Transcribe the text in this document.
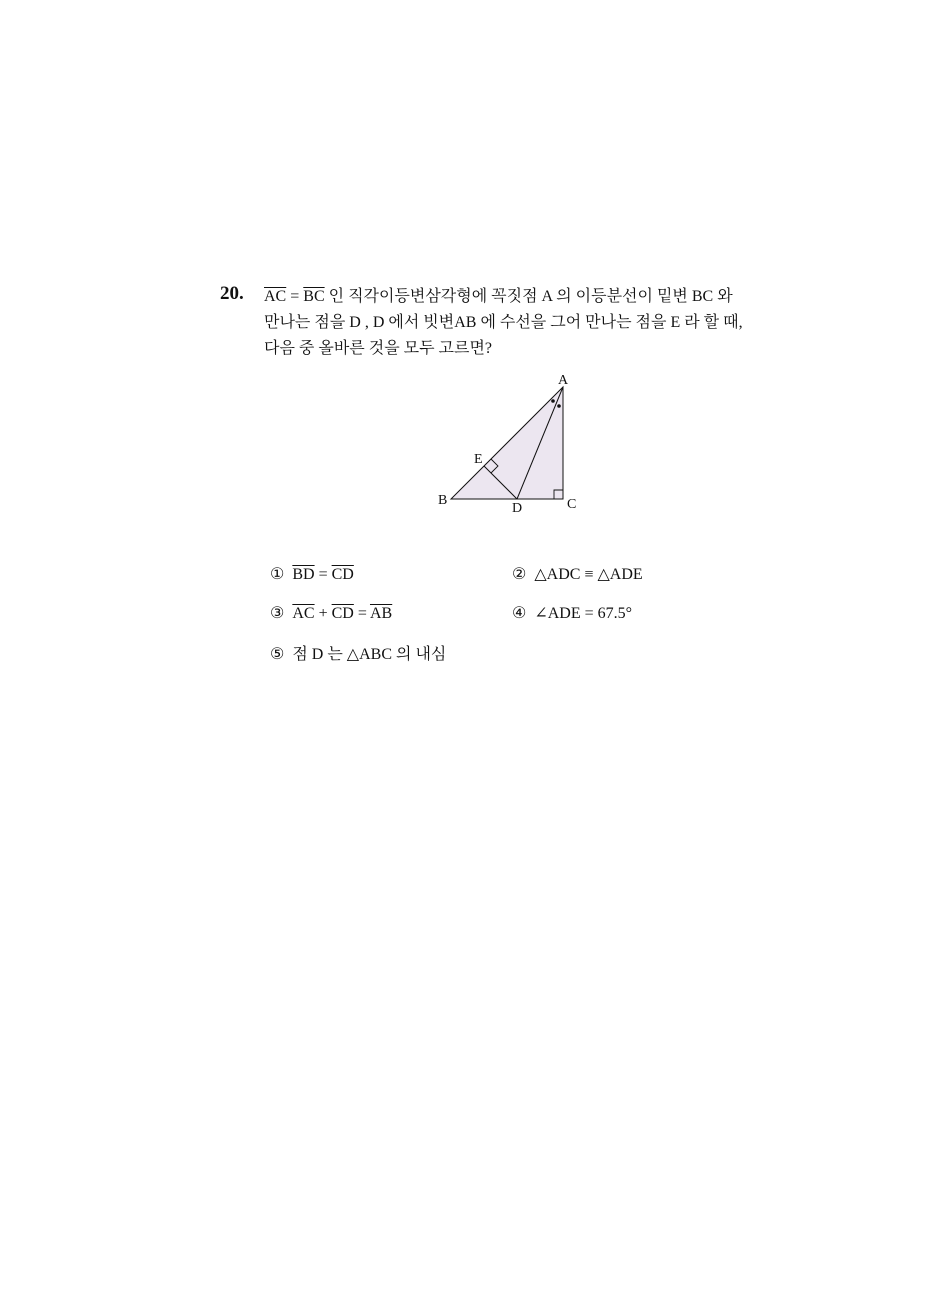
20. $\overline{AC} = \overline{BC}$ 인 직각이등변삼각형에 꼭짓점 A 의 이등분선이 밑변 BC 와
만나는 점을 D , D 에서 빗변AB 에 수선을 그어 만나는 점을 E 라 할 때,
다음 중 올바른 것을 모두 고르면?
A
B	C
D
E
① $\overline{BD} = \overline{CD}$	② △ADC ≡ △ADE
③ $\overline{AC} + \overline{CD} = \overline{AB}$	④ ∠ADE = 67.5°
⑤ 점 D 는 △ABC 의 내심
